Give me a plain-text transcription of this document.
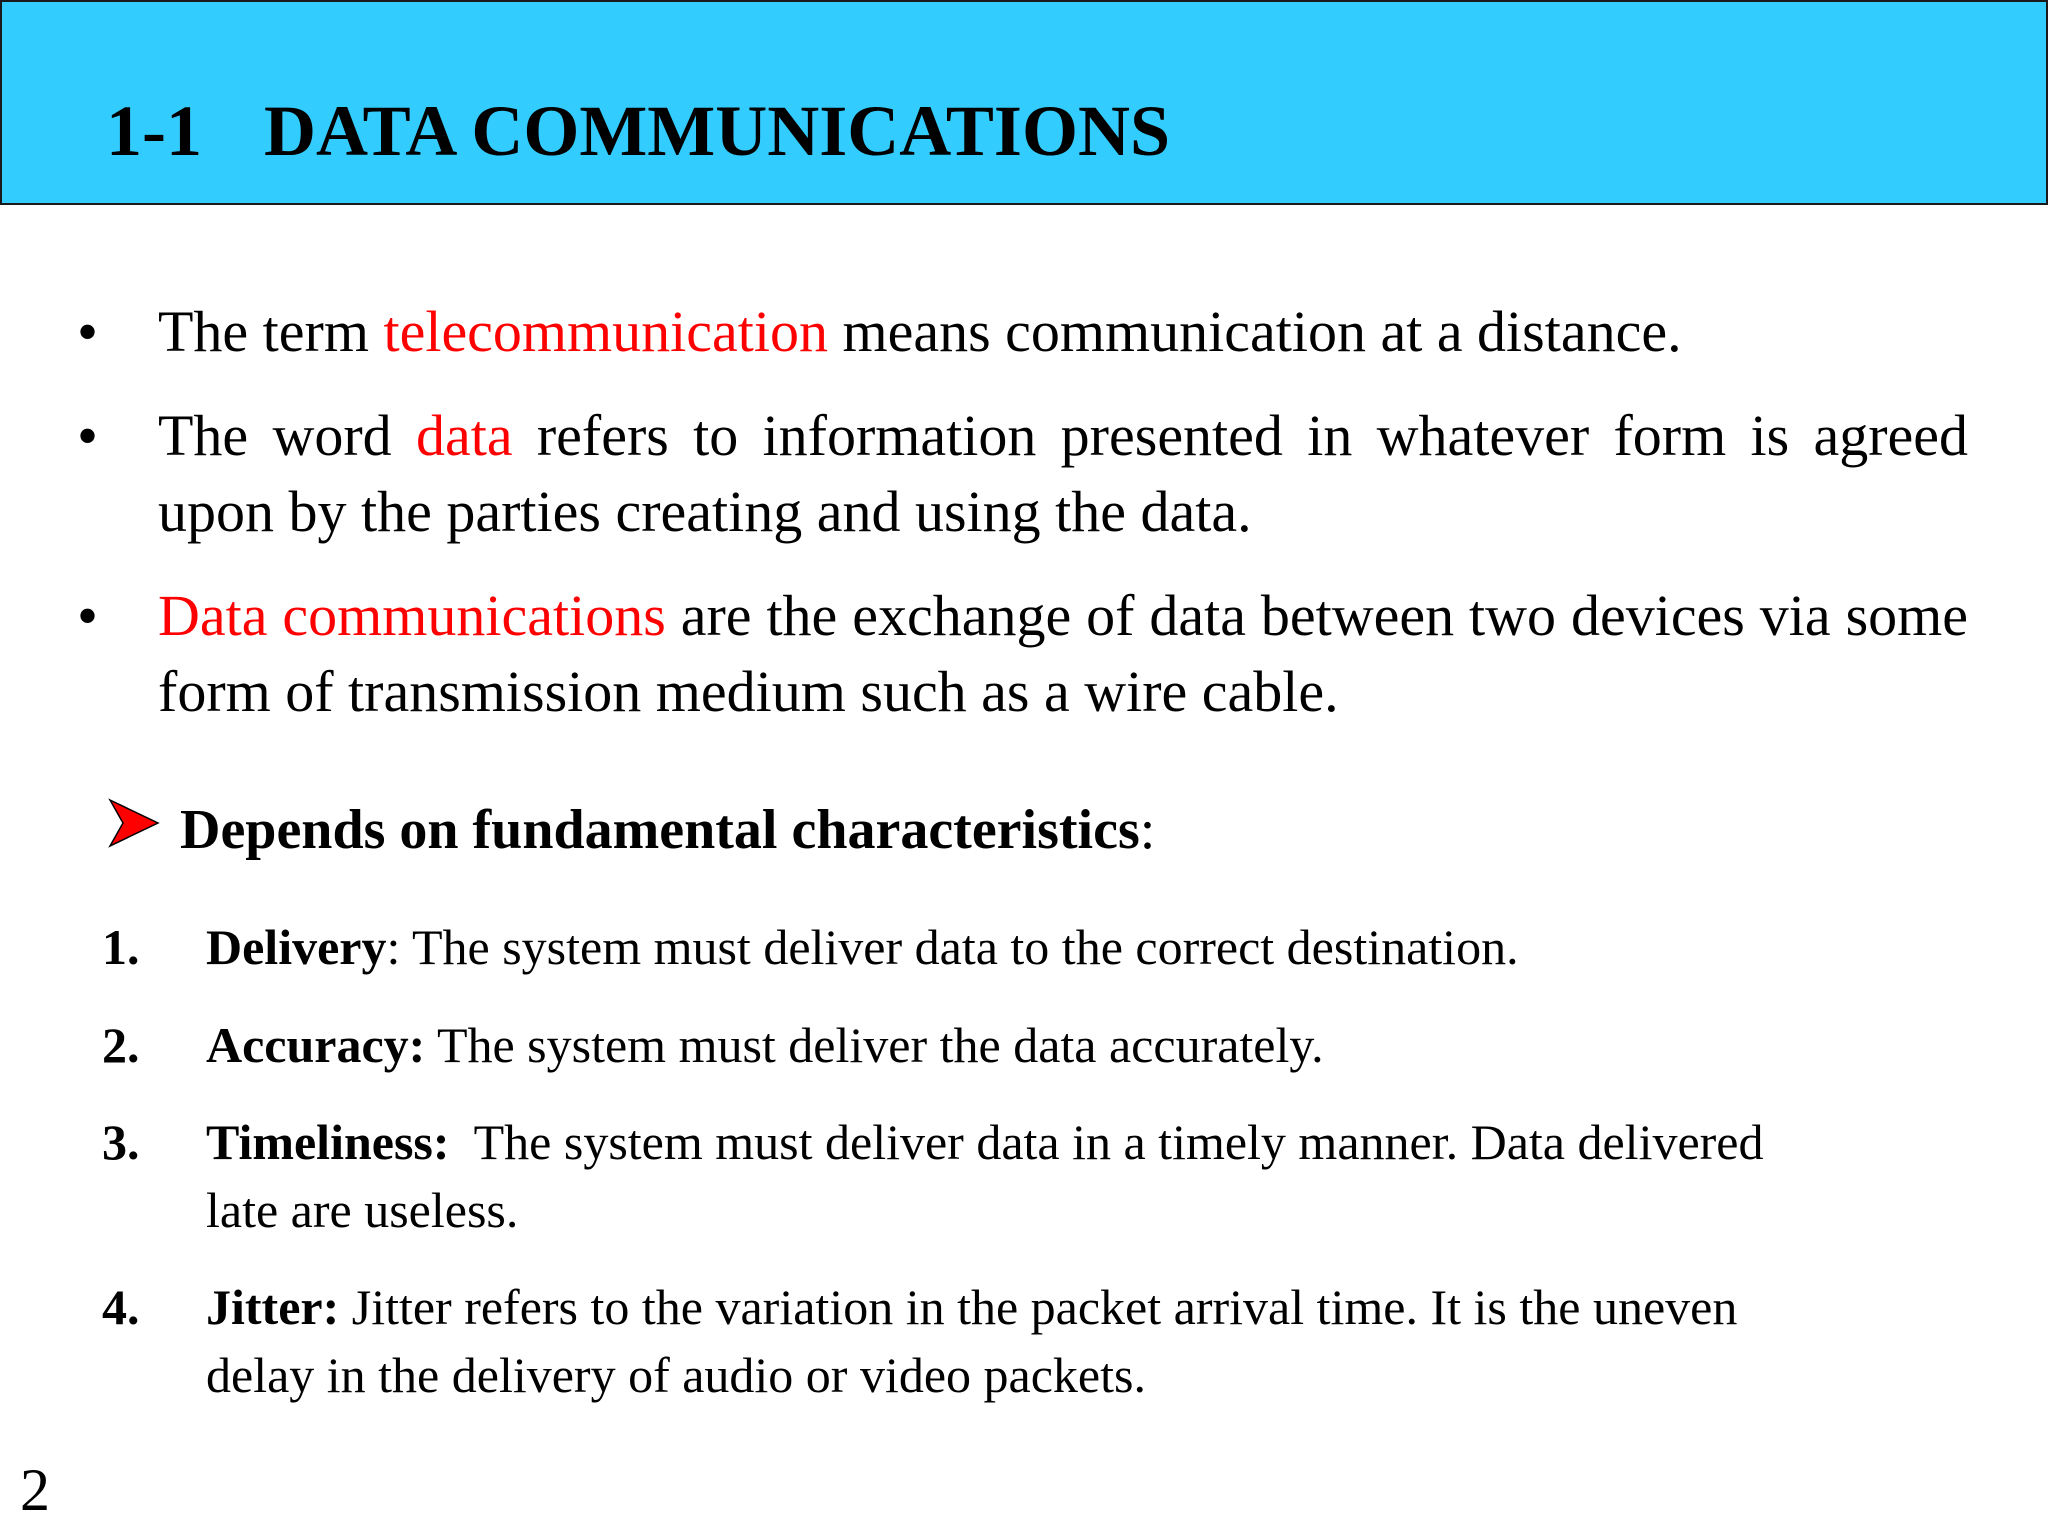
1-1 DATA COMMUNICATIONS
• The term telecommunication means communication at a distance.

• The word data refers to information presented in whatever form is agreed upon by the parties creating and using the data.

• Data communications are the exchange of data between two devices via some form of transmission medium such as a wire cable.

Depends on fundamental characteristics:
1. Delivery: The system must deliver data to the correct destination.

2. Accuracy: The system must deliver the data accurately.

3. Timeliness:  The system must deliver data in a timely manner. Data delivered late are useless.

4. Jitter: Jitter refers to the variation in the packet arrival time. It is the uneven delay in the delivery of audio or video packets.

2
